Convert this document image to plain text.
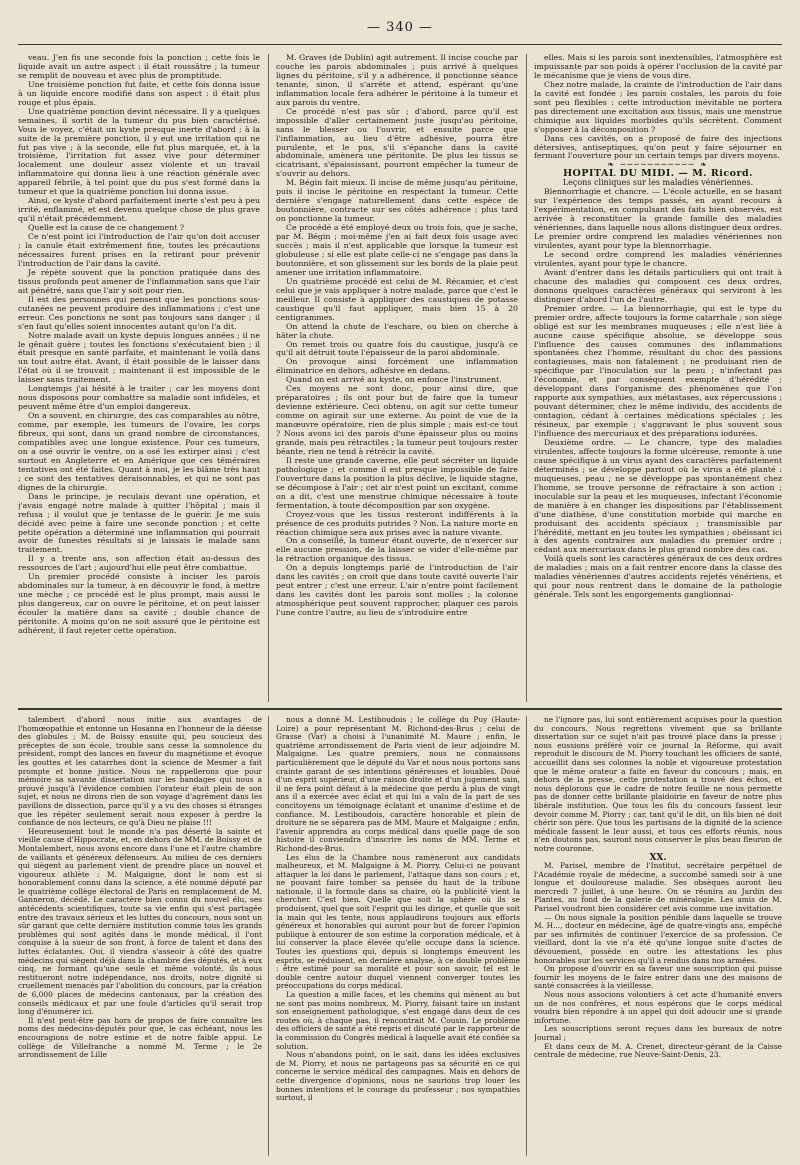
— 340 —

veau. J'en fis une seconde fois la ponction ; cette fois le liquide avait un autre aspect : il était roussâtre ; la tumeur se remplit de nouveau et avec plus de promptitude.

Une troisième ponction fut faite, et cette fois donna issue à un liquide encore modifié dans son aspect : il était plus rouge et plus épais.

Une quatrième ponction devint nécessaire. Il y a quelques semaines, il sortit de la tumeur du pus bien caractérisé. Vous le voyez, c'était un kyste presque inerte d'abord ; à la suite de la première ponction, il y eut une irritation qui ne fut pas vive ; à la seconde, elle fut plus marquée, et, à la troisième, l'irritation fut assez vive pour déterminer localement une douleur assez violente et un travail inflammatoire qui donna lieu à une réaction générale avec appareil fébrile, à tel point que du pus s'est formé dans la tumeur et que la quatrième ponction lui donna issue.

Ainsi, ce kyste d'abord parfaitement inerte s'est peu à peu irrité, enflammé, et est devenu quelque chose de plus grave qu'il n'était précédemment.

Quelle est la cause de ce changement ?

Ce n'est point ici l'introduction de l'air qu'on doit accuser ; la canule était extrêmement fine, toutes les précautions nécessaires furent prises en la retirant pour prévenir l'introduction de l'air dans la cavité.

Je répète souvent que la ponction pratiquée dans des tissus profonds peut amener de l'inflammation sans que l'air ait pénétré, sans que l'air y soit pour rien.

Il est des personnes qui pensent que les ponctions sous-cutanées ne peuvent produire des inflammations ; c'est une erreur. Ces ponctions ne sont pas toujours sans danger ; il s'en faut qu'elles soient innocentes autant qu'on l'a dit.

Notre malade avait un kyste depuis longues années ; il ne le gênait guère ; toutes les fonctions s'exécutaient bien ; il était presque en santé parfaite, et maintenant le voilà dans un tout autre état. Avant, il était possible de le laisser dans l'état où il se trouvait ; maintenant il est impossible de le laisser sans traitement.

Longtemps j'ai hésité à le traiter ; car les moyens dont nous disposons pour combattre sa maladie sont infidèles, et peuvent même être d'un emploi dangereux.

On a souvent, en chirurgie, des cas comparables au nôtre, comme, par exemple, les tumeurs de l'ovaire, les corps fibreux, qui sont, dans un grand nombre de circonstances, compatibles avec une longue existence. Pour ces tumeurs, on a osé ouvrir le ventre, on a osé les extirper ainsi ; c'est surtout en Angleterre et en Amérique que ces téméraires tentatives ont été faites. Quant à moi, je les blâme très haut ; ce sont des tentatives déraisonnables, et qui ne sont pas dignes de la chirurgie.

Dans le principe, je reculais devant une opération, et j'avais engagé notre malade à quitter l'hôpital ; mais il refusa ; il voulut que je tentasse de le guérir. Je me suis décidé avec peine à faire une seconde ponction ; et cette petite opération a déterminé une inflammation qui pourrait avoir de funestes résultats si je laissais le malade sans traitement.

Il y a trente ans, son affection était au-dessus des ressources de l'art ; aujourd'hui elle peut être combattue.

Un premier procédé consiste à inciser les parois abdominales sur la tumeur, à en découvrir le fond, à mettre une mèche ; ce procédé est le plus prompt, mais aussi le plus dangereux, car on ouvre le péritoine, et on peut laisser écouler la matière dans sa cavité ; double chance de péritonite. A moins qu'on ne soit assuré que le péritoine est adhérent, il faut rejeter cette opération.

M. Graves (de Dublin) agit autrement. Il incise couche par couche les parois abdominales ; puis arrivé à quelques lignes du péritoine, s'il y a adhérence, il ponctionne séance tenante, sinon, il s'arrête et attend, espérant qu'une inflammation locale fera adhérer le péritoine à la tumeur et aux parois du ventre.

Ce procédé n'est pas sûr ; d'abord, parce qu'il est impossible d'aller certainement juste jusqu'au péritoine, sans le blesser ou l'ouvrir, et ensuite parce que l'inflammation, au lieu d'être adhésive, pourra être purulente, et le pus, s'il s'épanche dans la cavité abdominale, amènera une péritonite. De plus les tissus se cicatrisant, s'épaississant, pourront empêcher la tumeur de s'ouvrir au dehors.

M. Bégin fait mieux. Il incise de même jusqu'au péritoine, puis il incise le péritoine en respectant la tumeur. Cette dernière s'engage naturellement dans cette espèce de boutonnière, contracte sur ses côtés adhérence ; plus tard on ponctionne la tumeur.

Ce procédé a été employé deux ou trois fois, que je sache, par M. Bégin ; moi-même j'en ai fait deux fois usage avec succès ; mais il n'est applicable que lorsque la tumeur est globuleuse ; si elle est plate celle-ci ne s'engage pas dans la boutonnière, et son glissement sur les bords de la plaie peut amener une irritation inflammatoire.

Un quatrième procédé est celui de M. Récamier, et c'est celui que je vais appliquer à notre malade, parce que c'est le meilleur. Il consiste à appliquer des caustiques de potasse caustique qu'il faut appliquer, mais bien 15 à 20 centigrammes.

On attend la chute de l'eschare, ou bien on cherche à hâter la chute.

On remet trois ou quatre fois du caustique, jusqu'à ce qu'il ait détruit toute l'épaisseur de la paroi abdominale.

On provoque ainsi forcément une inflammation éliminatrice en dehors, adhésive en dedans.

Quand on est arrivé au kyste, on enfonce l'instrument.

Ces moyens ne sont donc, pour ainsi dire, que préparatoires ; ils ont pour but de faire que la tumeur devienne extérieure. Ceci obtenu, on agit sur cette tumeur comme on agirait sur une externe. Au point de vue de la manœuvre opératoire, rien de plus simple ; mais est-ce tout ? Nous avons ici des parois d'une épaisseur plus ou moins grande, mais peu rétractiles ; la tumeur peut toujours rester béante, rien ne tend à rétrécir la cavité.

Il reste une grande caverne, elle peut sécréter un liquide pathologique ; et comme il est presque impossible de faire l'ouverture dans la position la plus déclive, le liquide stagne, se décompose à l'air ; cet air n'est point un excitant, comme on a dit, c'est une menstrue chimique nécessaire à toute fermentation, à toute décomposition par son oxygène.

Croyez-vous que les tissus resteront indifférents à la présence de ces produits putrides ? Non. La nature morte en réaction chimique sera aux prises avec la nature vivante.

On a conseillé, la tumeur étant ouverte, de n'exercer sur elle aucune pression, de la laisser se vider d'elle-même par la rétraction organique des tissus.

On a depuis longtemps parlé de l'introduction de l'air dans les cavités ; on croit que dans toute cavité ouverte l'air peut entrer ; c'est une erreur. L'air n'entre point facilement dans les cavités dont les parois sont molles ; la colonne atmosphérique peut souvent rapprocher, plaquer ces parois l'une contre l'autre, au lieu de s'introduire entre

elles. Mais si les parois sont inextensibles, l'atmosphère est impuissante par son poids à opérer l'occlusion de la cavité par le mécanisme que je viens de vous dire.

Chez notre malade, la crainte de l'introduction de l'air dans la cavité est fondée ; les parois costales, les parois du foie sont peu flexibles : cette introduction inévitable ne portera pas directement une excitation aux tissus, mais une menstrue chimique aux liquides morbides qu'ils sécrètent. Comment s'opposer à la décomposition ?

Dans ces cavités, on a proposé de faire des injections détersives, antiseptiques, qu'on peut y faire séjourner en fermant l'ouverture pour un certain temps par divers moyens.

❧ ─────────── ❧

HOPITAL DU MIDI. — M. Ricord.

Leçons cliniques sur les maladies vénériennes.

Blennorrhagie et chancre. — L'école actuelle, en se basant sur l'expérience des temps passés, en ayant recours à l'expérimentation, en compulsant des faits bien observés, est arrivée à reconstituer la grande famille des maladies vénériennes, dans laquelle nous allons distinguer deux ordres. Le premier ordre comprend les maladies vénériennes non virulentes, ayant pour type la blennorrhagie.

Le second ordre comprend les maladies vénériennes virulentes, ayant pour type le chancre.

Avant d'entrer dans les détails particuliers qui ont trait à chacune des maladies qui composent ces deux ordres, donnons quelques caractères généraux qui serviront à les distinguer d'abord l'un de l'autre.

Premier ordre. — La blennorrhagie, qui est le type du premier ordre, affecte toujours la forme catarrhale ; son siège obligé est sur les membranes muqueuses ; elle n'est liée à aucune cause spécifique absolue, se développe sous l'influence des causes communes des inflammations spontanées chez l'homme, résultant du choc des passions contagieuses, mais non fatalement ; ne produisant rien de spécifique par l'inoculation sur la peau ; n'infectant pas l'économie, et par conséquent exempte d'hérédité ; développant dans l'organisme des phénomènes que l'on rapporte aux sympathies, aux métastases, aux répercussions ; pouvant déterminer, chez le même individu, des accidents de contagion, cédant à certaines médications spéciales ; les résineux, par exemple ; s'aggravant le plus souvent sous l'influence des mercuriaux et des préparations iodurées.

Deuxième ordre. — Le chancre, type des maladies virulentes, affecte toujours la forme ulcéreuse, remonte à une cause spécifique à un virus ayant des caractères parfaitement déterminés ; se développe partout où le virus a été planté : muqueuses, peau ; ne se développe pas spontanément chez l'homme, se trouve personne de réfractaire à son action ; inoculable sur la peau et les muqueuses, infectant l'économie de manière à en changer les dispositions par l'établissement d'une diathèse, d'une constitution morbide qui marche en produisant des accidents spéciaux ; transmissible par l'hérédité, mettant en jeu toutes les sympathies ; obéissant ici à des agents contraires aux maladies du premier ordre ; cédant aux mercuriaux dans le plus grand nombre des cas.

Voilà quels sont les caractères généraux de ces deux ordres de maladies ; mais on a fait rentrer encore dans la classe des maladies vénériennes d'autres accidents rejetés vénériens, et qui pour nous rentrent dans le domaine de la pathologie générale. Tels sont les engorgements ganglionnai-

talembert d'abord nous initie aux avantages de l'homœopathie et entonne un Hosanna en l'honneur de la déesse des globules ; M. de Boissy ensuite qui, peu soucieux des préceptes de son école, trouble sans cesse la somnolence du président, rompt des lances en faveur du magnétisme et évoque les gouttes et les catarrhes dont la science de Mesmer a fait prompte et bonne justice. Nous ne rappellerons que pour mémoire sa savante dissertation sur les bandages qui nous a prouvé jusqu'à l'évidence combien l'orateur était plein de son sujet, et nous ne dirons rien de son voyage d'agrément dans les pavillons de dissection, parce qu'il y a vu des choses si étranges que les répéter seulement serait nous exposer à perdre la confiance de nos lecteurs, ce qu'à Dieu ne plaise !!!

Heureusement tout le monde n'a pas déserté la sainte et vieille cause d'Hippocrate, et, en dehors de MM. de Boissy et de Montalembert, nous avons encore dans l'une et l'autre chambre de vaillants et généreux défenseurs. Au milieu de ces derniers qui siègent au parlement vient de prendre place un nouvel et vigoureux athlète : M. Malgaigne, dont le nom est si honorablement connu dans la science, a été nommé député par le quatrième collège électoral de Paris en remplacement de M. Ganneron, décédé. Le caractère bien connu du nouvel élu, ses antécédents scientifiques, toute sa vie enfin qui s'est partagée entre des travaux sérieux et les luttes du concours, nous sont un sûr garant que cette dernière institution comme tous les grands problèmes qui sont agités dans le monde médical, il l'ont conquise à la sueur de son front, à force de talent et dans des luttes éclatantes. Oui, il viendra s'asseoir à côté des quatre médecins qui siègent déjà dans la chambre des députés, et à eux cinq, ne formant qu'une seule et même volonté, ils nous restitueront notre indépendance, nos droits, notre dignité si cruellement menacés par l'abolition du concours, par la création de 6,000 places de médecins cantonaux, par la création des conseils médicaux et par une foule d'articles qu'il serait trop long d'énumérer ici.

Il n'est peut-être pas hors de propos de faire connaître les noms des médecins-députés pour que, le cas échéant, nous les encouragions de notre estime et de notre faible appui. Le collège de Villefranche a nommé M. Terme ; le 2e arrondissement de Lille

nous a donné M. Lestiboudois ; le collège du Puy (Haute-Loire) a pour représentant M. Richond-des-Brus ; celui de Grasse (Var) a choisi à l'unanimité M. Maure ; enfin, le quatrième arrondissement de Paris vient de leur adjoindre M. Malgaigne. Les quatre premiers, nous ne connaissons particulièrement que le député du Var et nous nous portons sans crainte garant de ses intentions généreuses et louables. Doué d'un esprit supérieur, d'une raison droite et d'un jugement sain, il ne fera point défaut à la médecine que perdu à plus de vingt ans il a exercée avec éclat et qui lui a valu de la part de ses concitoyens un témoignage éclatant et unanime d'estime et de confiance. M. Lestiboudois, caractère honorable et plein de droiture ne se séparera pas de MM. Maure et Malgaigne ; enfin, l'avenir apprendra au corps médical dans quelle page de son histoire il conviendra d'inscrire les noms de MM. Terme et Richond-des-Brus.

Les élus de la Chambre nous ramèneront aux candidats malheureux, et M. Malgaigne à M. Piorry. Celui-ci ne pouvant attaquer la loi dans le parlement, l'attaque dans son cours ; et, ne pouvant faire tomber sa pensée du haut de la tribune nationale, il la formule dans sa chaire, où la publicité vient la chercher. C'est bien. Quelle que soit la sphère où ils se produisent, quel que soit l'esprit qui les dirige, et quelle que soit la main qui les tente, nous applaudirons toujours aux efforts généreux et honorables qui auront pour but de forcer l'opinion publique à entourer de son estime la corporation médicale, et à lui conserver la place élevée qu'elle occupe dans la science. Toutes les questions qui, depuis si longtemps émeuvent les esprits, se réduisent, en dernière analyse, à ce double problème : être estimé pour sa moralité et pour son savoir, tel est le double centre autour duquel viennent converger toutes les préoccupations du corps médical.

La question a mille faces, et les chemins qui mènent au but ne sont pas moins nombreux. M. Piorry, faisant taire un instant son enseignement pathologique, s'est engagé dans deux de ces routes où, à chaque pas, il rencontrait M. Cousin. Le problème des officiers de santé a été repris et discuté par le rapporteur de la commission du Congrès médical à laquelle avait été confiée sa solution.

Nous n'abandons point, on le sait, dans les idées exclusives de M. Piorry, et nous ne partageons pas sa sécurité en ce qui concerne le service médical des campagnes. Mais en dehors de cette divergence d'opinions, nous ne saurions trop louer les bonnes intentions et le courage du professeur ; nos sympathies surtout, il

ne l'ignore pas, lui sont entièrement acquises pour la question du concours. Nous regrettons vivement que sa brillante dissertation sur ce sujet n'ait pas trouvé place dans la presse ; nous eussions préféré voir ce journal la Réforme, qui avait reproduit le discours de M. Piorry touchant les officiers de santé, accueillit dans ses colonnes la noble et vigoureuse protestation que le même orateur a faite en faveur du concours ; mais, en dehors de la presse, cette protestation a trouvé des échos, et nous déplorons que le cadre de notre feuille ne nous permette pas de donner cette brillante plaidoirie en faveur de notre plus libérale institution. Que tous les fils du concours fassent leur devoir comme M. Piorry ; car, tant qu'il le dit, un fils bien né doit chérir son père. Que tous les partisans de la dignité de la science médicale fassent le leur aussi, et tous ces efforts réunis, nous n'en doutons pas, sauront nous conserver le plus beau fleuron de notre couronne.

XX.

M. Parisel, membre de l'Institut, secrétaire perpétuel de l'Académie royale de médecine, a succombé samedi soir à une longue et douloureuse maladie. Ses obsèques auront lieu mercredi 7 juillet, à une heure. On se réunira au Jardin des Plantes, au fond de la galerie de minéralogie. Les amis de M. Parisel voudront bien considérer cet avis comme une invitation.

— On nous signale la position pénible dans laquelle se trouve M. H..., docteur en médecine, âgé de quatre-vingts ans, empêché par ses infirmités de continuer l'exercice de sa profession. Ce vieillard, dont la vie n'a été qu'une longue suite d'actes de dévouement, possède en outre les attestations les plus honorables sur les services qu'il a rendus dans nos armées.

On propose d'ouvrir en sa faveur une souscription qui puisse fournir les moyens de le faire entrer dans une des maisons de santé consacrées à la vieillesse.

Nous nous associons volontiers à cet acte d'humanité envers un de nos confrères, et nous espérons que le corps médical voudra bien répondre à un appel qui doit adoucir une si grande infortune.

Les souscriptions seront reçues dans les bureaux de notre Journal ;

Et dans ceux de M. A. Crenet, directeur-gérant de la Caisse centrale de médecine, rue Neuve-Saint-Denis, 23.
